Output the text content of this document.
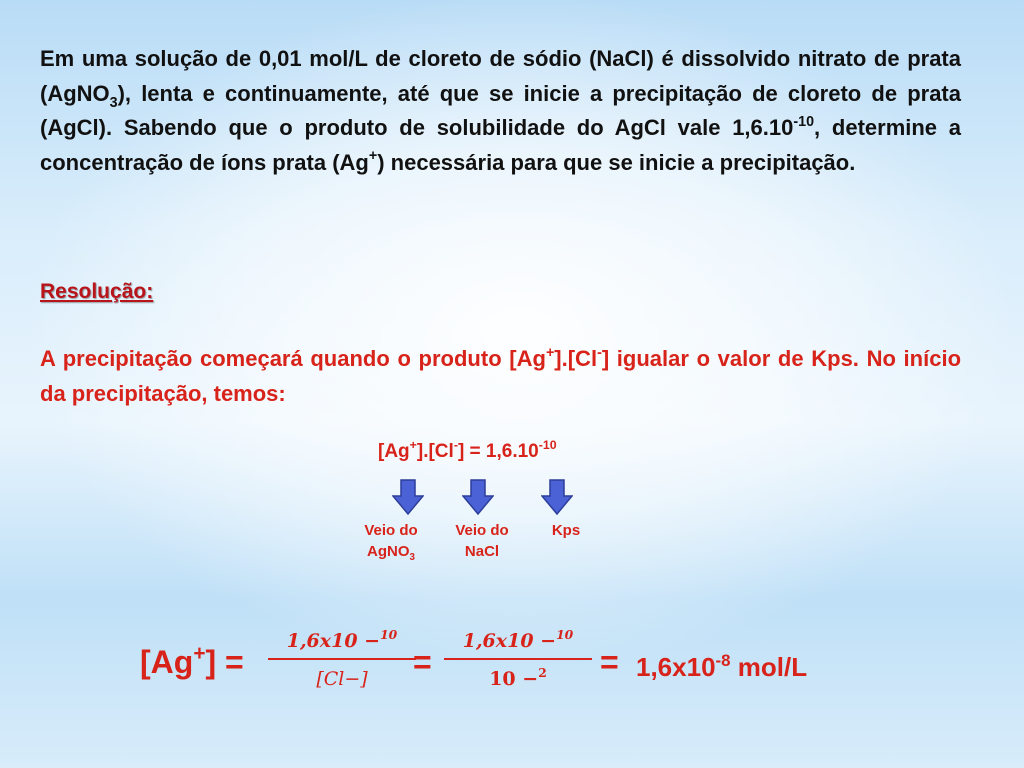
Em uma solução de 0,01 mol/L de cloreto de sódio (NaCl) é dissolvido nitrato de prata (AgNO$_3$), lenta e continuamente, até que se inicie a precipitação de cloreto de prata (AgCl). Sabendo que o produto de solubilidade do AgCl vale $1,6.10^{-10}$, determine a concentração de íons prata (Ag+) necessária para que se inicie a precipitação.

Resolução:

A precipitação começará quando o produto [Ag+].[Cl-] igualar o valor de Kps. No início da precipitação, temos:

$[Ag^+].[Cl^-] = 1,6.10^{-10}$
Veio do
AgNO$_3$
Veio do
NaCl
Kps
[Ag+] =
1,6x10 −$^{10}$
[Cl−]	=
1,6x10 −$^{10}$
10 −$^2$	= $1,6x10^{-8}$ mol/L
